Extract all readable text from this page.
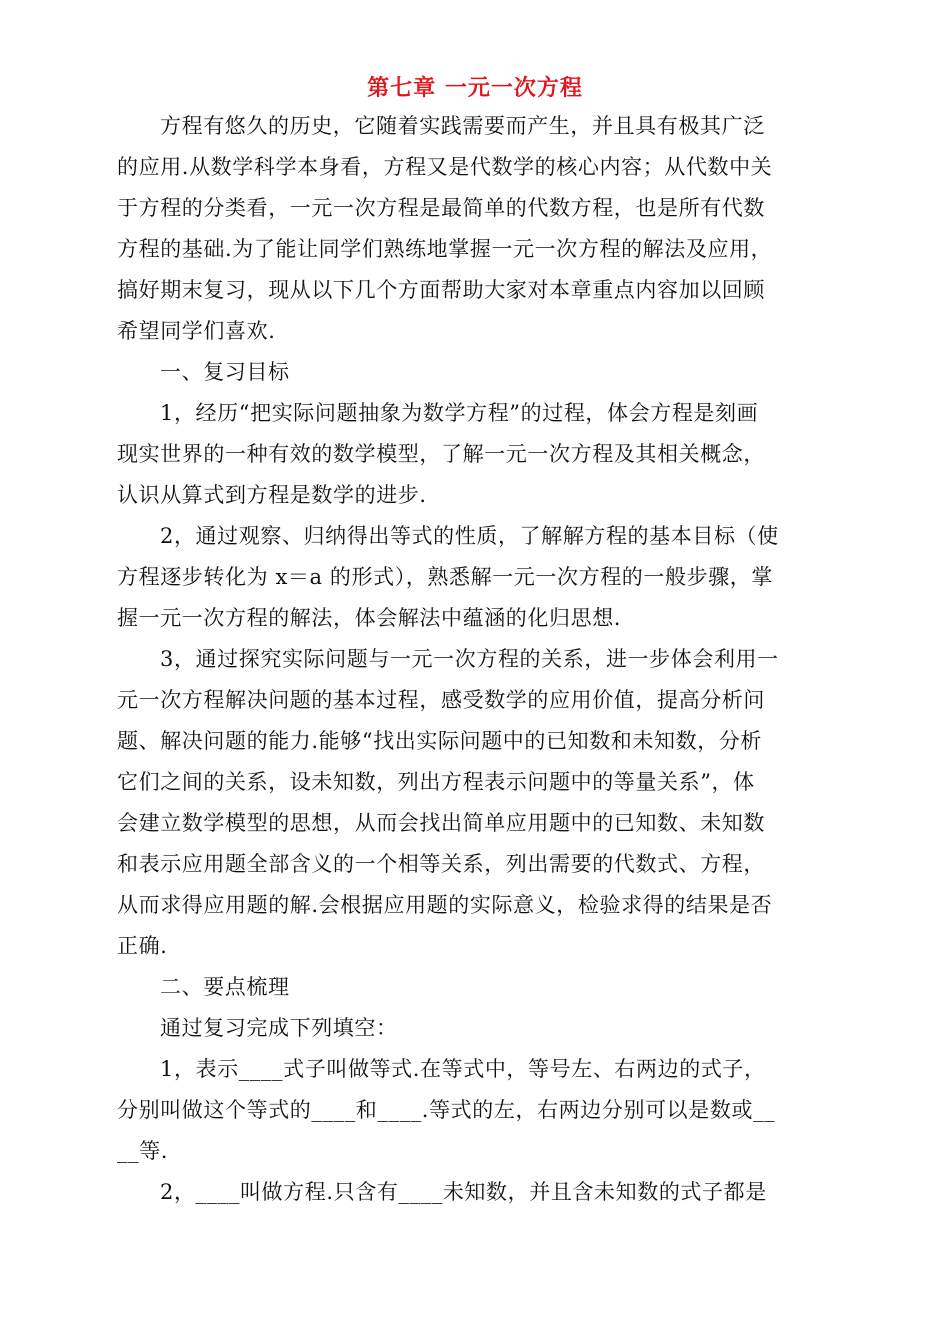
第七章 一元一次方程
方程有悠久的历史，它随着实践需要而产生，并且具有极其广泛
的应用.从数学科学本身看，方程又是代数学的核心内容；从代数中关
于方程的分类看，一元一次方程是最简单的代数方程，也是所有代数
方程的基础.为了能让同学们熟练地掌握一元一次方程的解法及应用，
搞好期末复习，现从以下几个方面帮助大家对本章重点内容加以回顾
希望同学们喜欢.
一、复习目标
1，经历“把实际问题抽象为数学方程”的过程，体会方程是刻画
现实世界的一种有效的数学模型，了解一元一次方程及其相关概念，
认识从算式到方程是数学的进步.
2，通过观察、归纳得出等式的性质，了解解方程的基本目标（使
方程逐步转化为 x＝a 的形式），熟悉解一元一次方程的一般步骤，掌
握一元一次方程的解法，体会解法中蕴涵的化归思想.
3，通过探究实际问题与一元一次方程的关系，进一步体会利用一
元一次方程解决问题的基本过程，感受数学的应用价值，提高分析问
题、解决问题的能力.能够“找出实际问题中的已知数和未知数，分析
它们之间的关系，设未知数，列出方程表示问题中的等量关系”，体
会建立数学模型的思想，从而会找出简单应用题中的已知数、未知数
和表示应用题全部含义的一个相等关系，列出需要的代数式、方程，
从而求得应用题的解.会根据应用题的实际意义，检验求得的结果是否
正确.
二、要点梳理
通过复习完成下列填空：
1，表示____式子叫做等式.在等式中，等号左、右两边的式子，
分别叫做这个等式的____和____.等式的左，右两边分别可以是数或__
__等.
2，____叫做方程.只含有____未知数，并且含未知数的式子都是
